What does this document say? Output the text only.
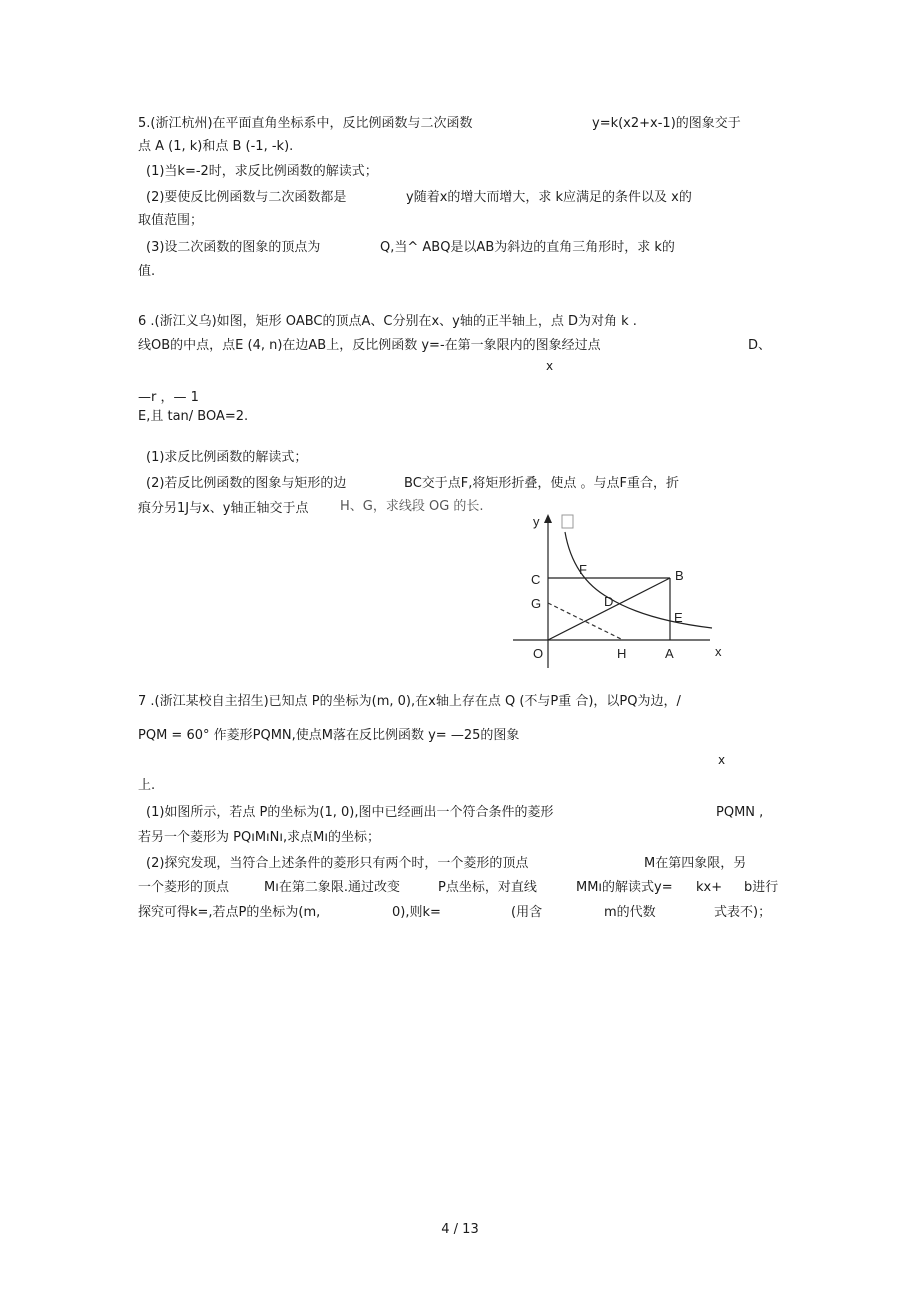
5.(浙江杭州)在平面直角坐标系中，反比例函数与二次函数	y=k(x2+x-1)的图象交于
点 A (1, k)和点 B (-1, -k).
(1)当k=-2时，求反比例函数的解读式；
(2)要使反比例函数与二次函数都是	y随着x的增大而增大，求 k应满足的条件以及 x的
取值范围；
(3)设二次函数的图象的顶点为	Q,当^ ABQ是以AB为斜边的直角三角形时，求 k的
值.
6 .(浙江义乌)如图，矩形 OABC的顶点A、C分别在x、y轴的正半轴上，点 D为对角 k .
线OB的中点，点E (4, n)在边AB上，反比例函数 y=-在第一象限内的图象经过点	D、
x
—r ，— 1
E,且 tan/ BOA=2.
(1)求反比例函数的解读式；
(2)若反比例函数的图象与矩形的边	BC交于点F,将矩形折叠，使点 。与点F重合，折
痕分另1J与x、y轴正轴交于点 H、G，求线段 OG 的长.
y
x
O
C
G
F	B
D
E
H	A
7 .(浙江某校自主招生)已知点 P的坐标为(m, 0),在x轴上存在点 Q (不与P重 合)，以PQ为边，/
PQM = 60° 作菱形PQMN,使点M落在反比例函数 y= —25的图象
x
上.
(1)如图所示，若点 P的坐标为(1, 0),图中已经画出一个符合条件的菱形	PQMN ,
若另一个菱形为 PQıMıNı,求点Mı的坐标；
(2)探究发现，当符合上述条件的菱形只有两个时，一个菱形的顶点	M在第四象限，另
一个菱形的顶点	Mı在第二象限.通过改变	P点坐标，对直线	MMı的解读式y= kx+ b进行
探究可得k=,若点P的坐标为(m,	0),则k=	(用含	m的代数	式表不)；
4 / 13
